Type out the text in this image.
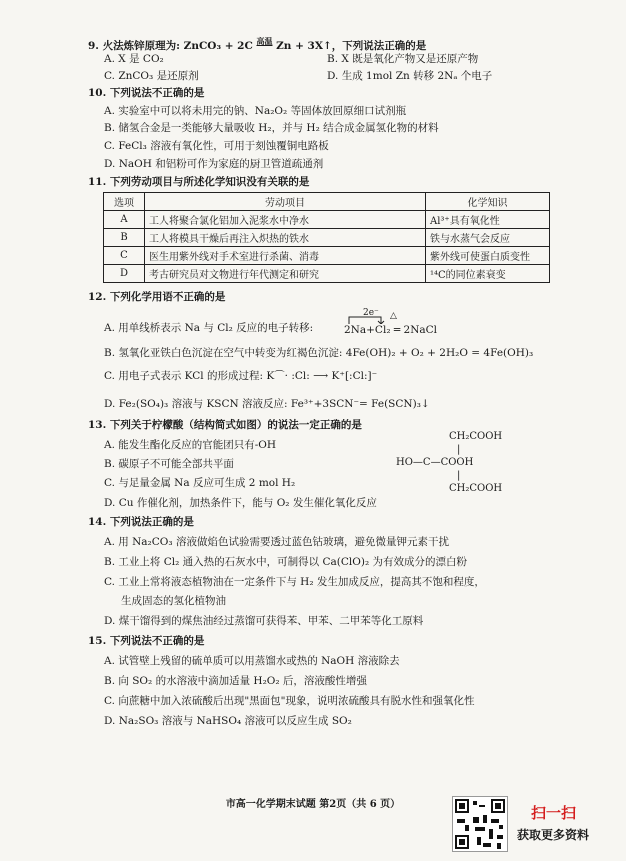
9. 火法炼锌原理为: ZnCO₃ + 2C $^{高温}$ Zn + 3X↑，下列说法正确的是
A. X 是 CO₂	B. X 既是氧化产物又是还原产物
C. ZnCO₃ 是还原剂	D. 生成 1mol Zn 转移 2Nₐ 个电子
10. 下列说法不正确的是
A. 实验室中可以将未用完的钠、Na₂O₂ 等固体放回原细口试剂瓶
B. 储氢合金是一类能够大量吸收 H₂，并与 H₂ 结合成金属氢化物的材料
C. FeCl₃ 溶液有氧化性，可用于刻蚀覆铜电路板
D. NaOH 和铝粉可作为家庭的厨卫管道疏通剂
11. 下列劳动项目与所述化学知识没有关联的是
选项	劳动项目	化学知识
A	工人将聚合氯化铝加入泥浆水中净水	Al³⁺具有氧化性
B	工人将模具干燥后再注入炽热的铁水	铁与水蒸气会反应
C	医生用紫外线对手术室进行杀菌、消毒	紫外线可使蛋白质变性
D	考古研究员对文物进行年代测定和研究	¹⁴C的同位素衰变
12. 下列化学用语不正确的是
2e⁻ △
A. 用单线桥表示 Na 与 Cl₂ 反应的电子转移:	2Na+Cl₂ ═ 2NaCl
B. 氢氧化亚铁白色沉淀在空气中转变为红褐色沉淀: 4Fe(OH)₂ + O₂ + 2H₂O = 4Fe(OH)₃
C. 用电子式表示 KCl 的形成过程: K⌒· :Cl: ⟶ K⁺[:Cl:]⁻
D. Fe₂(SO₄)₃ 溶液与 KSCN 溶液反应: Fe³⁺+3SCN⁻= Fe(SCN)₃↓
13. 下列关于柠檬酸（结构简式如图）的说法一定正确的是
CH₂COOH
|
HO—C—COOH
|
CH₂COOH
A. 能发生酯化反应的官能团只有-OH
B. 碳原子不可能全部共平面
C. 与足量金属 Na 反应可生成 2 mol H₂
D. Cu 作催化剂，加热条件下，能与 O₂ 发生催化氧化反应
14. 下列说法正确的是
A. 用 Na₂CO₃ 溶液做焰色试验需要透过蓝色钴玻璃，避免微量钾元素干扰
B. 工业上将 Cl₂ 通入热的石灰水中，可制得以 Ca(ClO)₂ 为有效成分的漂白粉
C. 工业上常将液态植物油在一定条件下与 H₂ 发生加成反应，提高其不饱和程度，
生成固态的氢化植物油
D. 煤干馏得到的煤焦油经过蒸馏可获得苯、甲苯、二甲苯等化工原料
15. 下列说法不正确的是
A. 试管壁上残留的硫单质可以用蒸馏水或热的 NaOH 溶液除去
B. 向 SO₂ 的水溶液中滴加适量 H₂O₂ 后，溶液酸性增强
C. 向蔗糖中加入浓硫酸后出现"黑面包"现象，说明浓硫酸具有脱水性和强氧化性
D. Na₂SO₃ 溶液与 NaHSO₄ 溶液可以反应生成 SO₂
市高一化学期末试题 第2页（共 6 页）	扫一扫
获取更多资料
